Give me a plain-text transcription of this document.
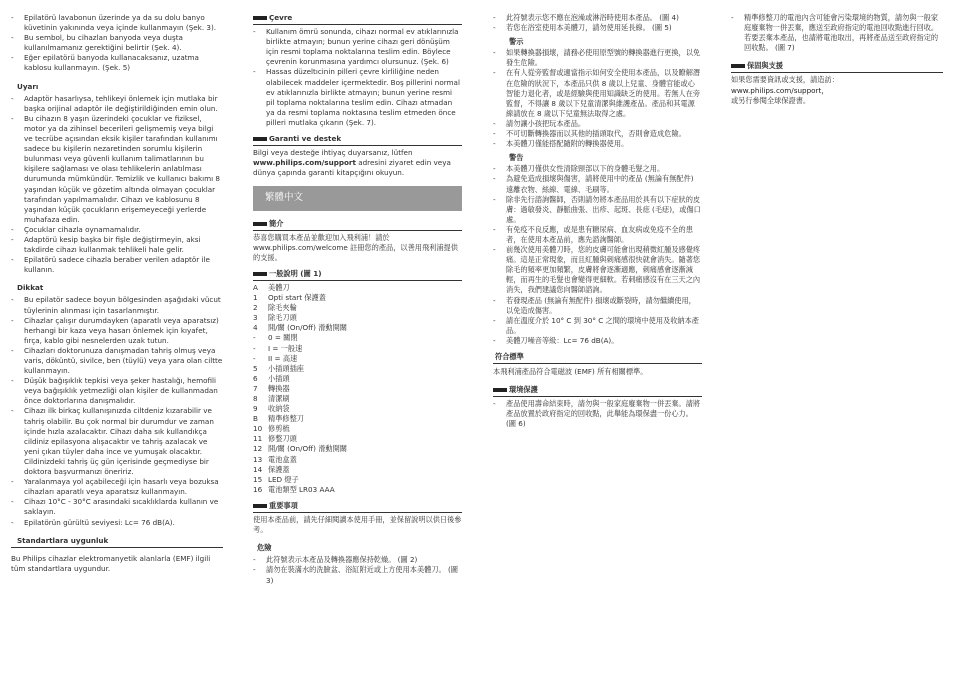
-	Epilatörü lavabonun üzerinde ya da su dolu banyo küvetinin yakınında veya içinde kullanmayın (Şek. 3).
-	Bu sembol, bu cihazlan banyoda veya duşta kullanılmamanız gerektiğini belirtir (Şek. 4).
-	Eğer epilatörü banyoda kullanacaksanız, uzatma kablosu kullanmayın. (Şek. 5)
Uyarı
-	Adaptör hasarlıysa, tehlikeyi önlemek için mutlaka bir başka orijinal adaptör ile değiştirildiğinden emin olun.
-	Bu cihazın 8 yaşın üzerindeki çocuklar ve fiziksel, motor ya da zihinsel becerileri gelişmemiş veya bilgi ve tecrübe açısından eksik kişiler tarafından kullanımı sadece bu kişilerin nezaretinden sorumlu kişilerin bulunması veya güvenli kullanım talimatlarının bu kişilere sağlaması ve olası tehlikelerin anlatılması durumunda mümkündür. Temizlik ve kullanıcı bakımı 8 yaşından küçük ve gözetim altında olmayan çocuklar tarafından yapılmamalıdır. Cihazı ve kablosunu 8 yaşından küçük çocukların erişemeyeceği yerlerde muhafaza edin.
-	Çocuklar cihazla oynamamalıdır.
-	Adaptörü kesip başka bir fişle değiştirmeyin, aksi takdirde cihazı kullanmak tehlikeli hale gelir.
-	Epilatörü sadece cihazla beraber verilen adaptör ile kullanın.
Dikkat
-	Bu epilatör sadece boyun bölgesinden aşağıdaki vücut tüylerinin alınması için tasarlanmıştır.
-	Cihazlar çalışır durumdayken (aparatlı veya aparatsız) herhangi bir kaza veya hasarı önlemek için kıyafet, fırça, kablo gibi nesnelerden uzak tutun.
-	Cihazları doktorunuza danışmadan tahriş olmuş veya varis, döküntü, sivilce, ben (tüylü) veya yara olan ciltte kullanmayın.
-	Düşük bağışıklık tepkisi veya şeker hastalığı, hemofili veya bağışıklık yetmezliği olan kişiler de kullanmadan önce doktorlarına danışmalıdır.
-	Cihazı ilk birkaç kullanışınızda ciltdeniz kızarabilir ve tahriş olabilir. Bu çok normal bir durumdur ve zaman içinde hızla azalacaktır. Cihazı daha sık kullandıkça cildiniz epilasyona alışacaktır ve tahriş azalacak ve yeni çıkan tüyler daha ince ve yumuşak olacaktır. Cildinizdeki tahriş üç gün içerisinde geçmediyse bir doktora başvurmanızı öneririz.
-	Yaralanmaya yol açabileceği için hasarlı veya bozuksa cihazları aparatlı veya aparatsız kullanmayın.
-	Cihazı 10°C - 30°C arasındaki sıcaklıklarda kullanın ve saklayın.
-	Epilatörün gürültü seviyesi: Lc= 76 dB(A).
Standartlara uygunluk
Bu Philips cihazlar elektromanyetik alanlarla (EMF) ilgili tüm standartlara uygundur.
Çevre
-	Kullanım ömrü sonunda, cihazı normal ev atıklarınızla birlikte atmayın; bunun yerine cihazı geri dönüşüm için resmi toplama noktalarına teslim edin. Böylece çevrenin korunmasına yardımcı olursunuz. (Şek. 6)
-	Hassas düzeltıcinin pilleri çevre kirliliğine neden olabilecek maddeler içermektedir. Boş pillerini normal ev atıklarınızla birlikte atmayın; bunun yerine resmi pil toplama noktalarına teslim edin. Cihazı atmadan ya da resmi toplama noktasına teslim etmeden önce pilleri mutlaka çıkarın (Şek. 7).
Garanti ve destek
Bilgi veya desteğe ihtiyaç duyarsanız, lütfen
www.philips.com/support adresini ziyaret edin veya dünya çapında garanti kitapçığını okuyun.
繁體中文
簡介
恭喜您購買本產品並歡迎加入飛利浦！請於 www.philips.com/welcome 註冊您的產品，以善用飛利浦提供的支援。
一般說明 (圖 1)
A	美體刀
1	Opti start 保護蓋
2	除毛夾輪
3	除毛刀頭
4	開/關 (On/Off) 滑動開關
-	0 = 關閉
-	I = 一般速
-	II = 高速
5	小插頭插座
6	小插頭
7	轉換器
8	清潔刷
9	收納袋
B	精準修整刀
10 修剪梳
11 修整刀頭
12 開/關 (On/Off) 滑動開關
13 電池盒蓋
14 保護蓋
15 LED 燈子
16 電池類型 LR03 AAA
重要事項
使用本產品前，請先仔細閱讀本使用手冊，並保留說明以供日後參考。
危險
-	此符號表示本產品及轉換器應保持乾燥。 (圖 2)
-	請勿在裝滿水的洗臉盆、浴缸附近或上方使用本美體刀。 (圖 3)
-	此符號表示您不應在泡澡或淋浴時使用本產品。 (圖 4)
-	若您在浴室使用本美體刀，請勿使用延長線。 (圖 5)
警示
-	如果轉換器損壞，請務必使用原型號的轉換器進行更換，以免發生危險。
-	在有人從旁監督或適當指示如何安全使用本產品，以及瞭解潛在危險的狀況下，本產品只供 8 歲以上兒童、身體官能或心智能力退化者，或是經驗與使用知識缺乏的使用。若無人在旁監督，不得讓 8 歲以下兒童清潔與維護產品。產品和其電源線請放在 8 歲以下兒童無法取得之處。
-	請勿讓小孩把玩本產品。
-	不可切斷轉換器而以其他的插頭取代，否則會造成危險。
-	本美體刀僅能搭配隨附的轉換器使用。
警告
-	本美體刀僅供女性清除頸部以下的身體毛髮之用。
-	為避免造成損壞與傷害，請將使用中的產品 (無論有無配件) 遠離衣物、絲線、電線、毛刷等。
-	除非先行諮詢醫師，否則請勿將本產品用於具有以下症狀的皮膚：過敏發炎、靜脈曲張、出疹、起斑、長痣 (毛痣)，或傷口處。
-	有免疫不良反應，或是患有糖尿病、血友病或免疫不全的患者，在使用本產品前，應先諮詢醫師。
-	前幾次使用美體刀時，您的皮膚可能會出現稍微紅腫及感覺疼痛。這是正常現象，而且紅腫與刺痛感很快就會消失。隨著您除毛的頻率更加頻繁，皮膚將會逐漸適應，刺痛感會逐漸減輕，而再生的毛髮也會變得更細軟。若刺痛感沒有在三天之內消失，我們建議您向醫師諮詢。
-	若發現產品 (無論有無配件) 損壞或斷裂時，請勿繼續使用，以免造成傷害。
-	請在溫度介於 10° C 到 30° C 之間的環境中使用及收納本產品。
-	美體刀噪音等級：Lc= 76 dB(A)。
符合標準
本飛利浦產品符合電磁波 (EMF) 所有相關標準。
環境保護
-	產品使用壽命結束時，請勿與一般家庭廢棄物一併丟棄。請將產品放置於政府指定的回收點，此舉能為環保盡一份心力。 (圖 6)
-	精準修整刀的電池內含可能會污染環境的物質，請勿與一般家庭廢棄物一併丟棄，應送至政府指定的電池回收點進行回收。若要丟棄本產品，也請將電池取出，再將產品送至政府指定的回收點。 (圖 7)
保固與支援
如果您需要資訊或支援，請造訪：
www.philips.com/support，
或另行參閱全球保證書。
